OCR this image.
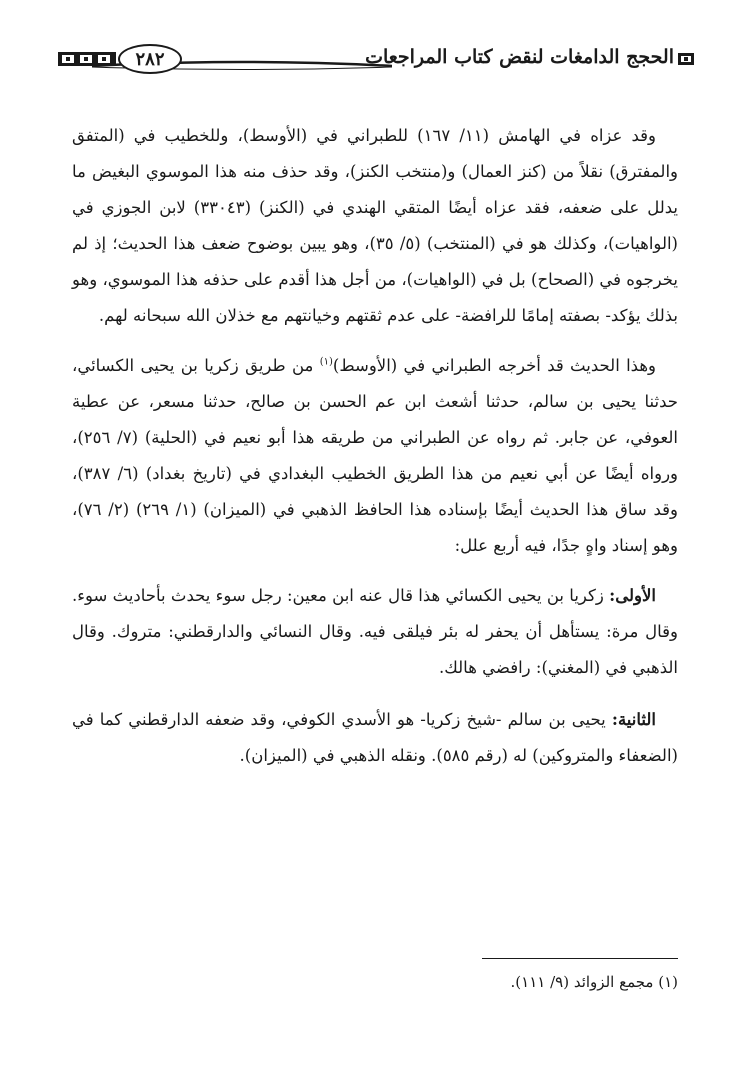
الحجج الدامغات لنقض كتاب المراجعات
٢٨٢

وقد عزاه في الهامش (١١/ ١٦٧) للطبراني في (الأوسط)، وللخطيب في (المتفق والمفترق) نقلاً من (كنز العمال) و(منتخب الكنز)، وقد حذف منه هذا الموسوي البغيض ما يدلل على ضعفه، فقد عزاه أيضًا المتقي الهندي في (الكنز) (٣٣٠٤٣) لابن الجوزي في (الواهيات)، وكذلك هو في (المنتخب) (٥/ ٣٥)، وهو يبين بوضوح ضعف هذا الحديث؛ إذ لم يخرجوه في (الصحاح) بل في (الواهيات)، من أجل هذا أقدم على حذفه هذا الموسوي، وهو بذلك يؤكد- بصفته إمامًا للرافضة- على عدم ثقتهم وخيانتهم مع خذلان الله سبحانه لهم.

وهذا الحديث قد أخرجه الطبراني في (الأوسط)$^{(١)}$ من طريق زكريا بن يحيى الكسائي، حدثنا يحيى بن سالم، حدثنا أشعث ابن عم الحسن بن صالح، حدثنا مسعر، عن عطية العوفي، عن جابر. ثم رواه عن الطبراني من طريقه هذا أبو نعيم في (الحلية) (٧/ ٢٥٦)، ورواه أيضًا عن أبي نعيم من هذا الطريق الخطيب البغدادي في (تاريخ بغداد) (٦/ ٣٨٧)، وقد ساق هذا الحديث أيضًا بإسناده هذا الحافظ الذهبي في (الميزان) (١/ ٢٦٩) (٢/ ٧٦)، وهو إسناد واهٍ جدًا، فيه أربع علل:

الأولى: زكريا بن يحيى الكسائي هذا قال عنه ابن معين: رجل سوء يحدث بأحاديث سوء. وقال مرة: يستأهل أن يحفر له بئر فيلقى فيه. وقال النسائي والدارقطني: متروك. وقال الذهبي في (المغني): رافضي هالك.

الثانية: يحيى بن سالم -شيخ زكريا- هو الأسدي الكوفي، وقد ضعفه الدارقطني كما في (الضعفاء والمتروكين) له (رقم ٥٨٥). ونقله الذهبي في (الميزان).

(١) مجمع الزوائد (٩/ ١١١).
